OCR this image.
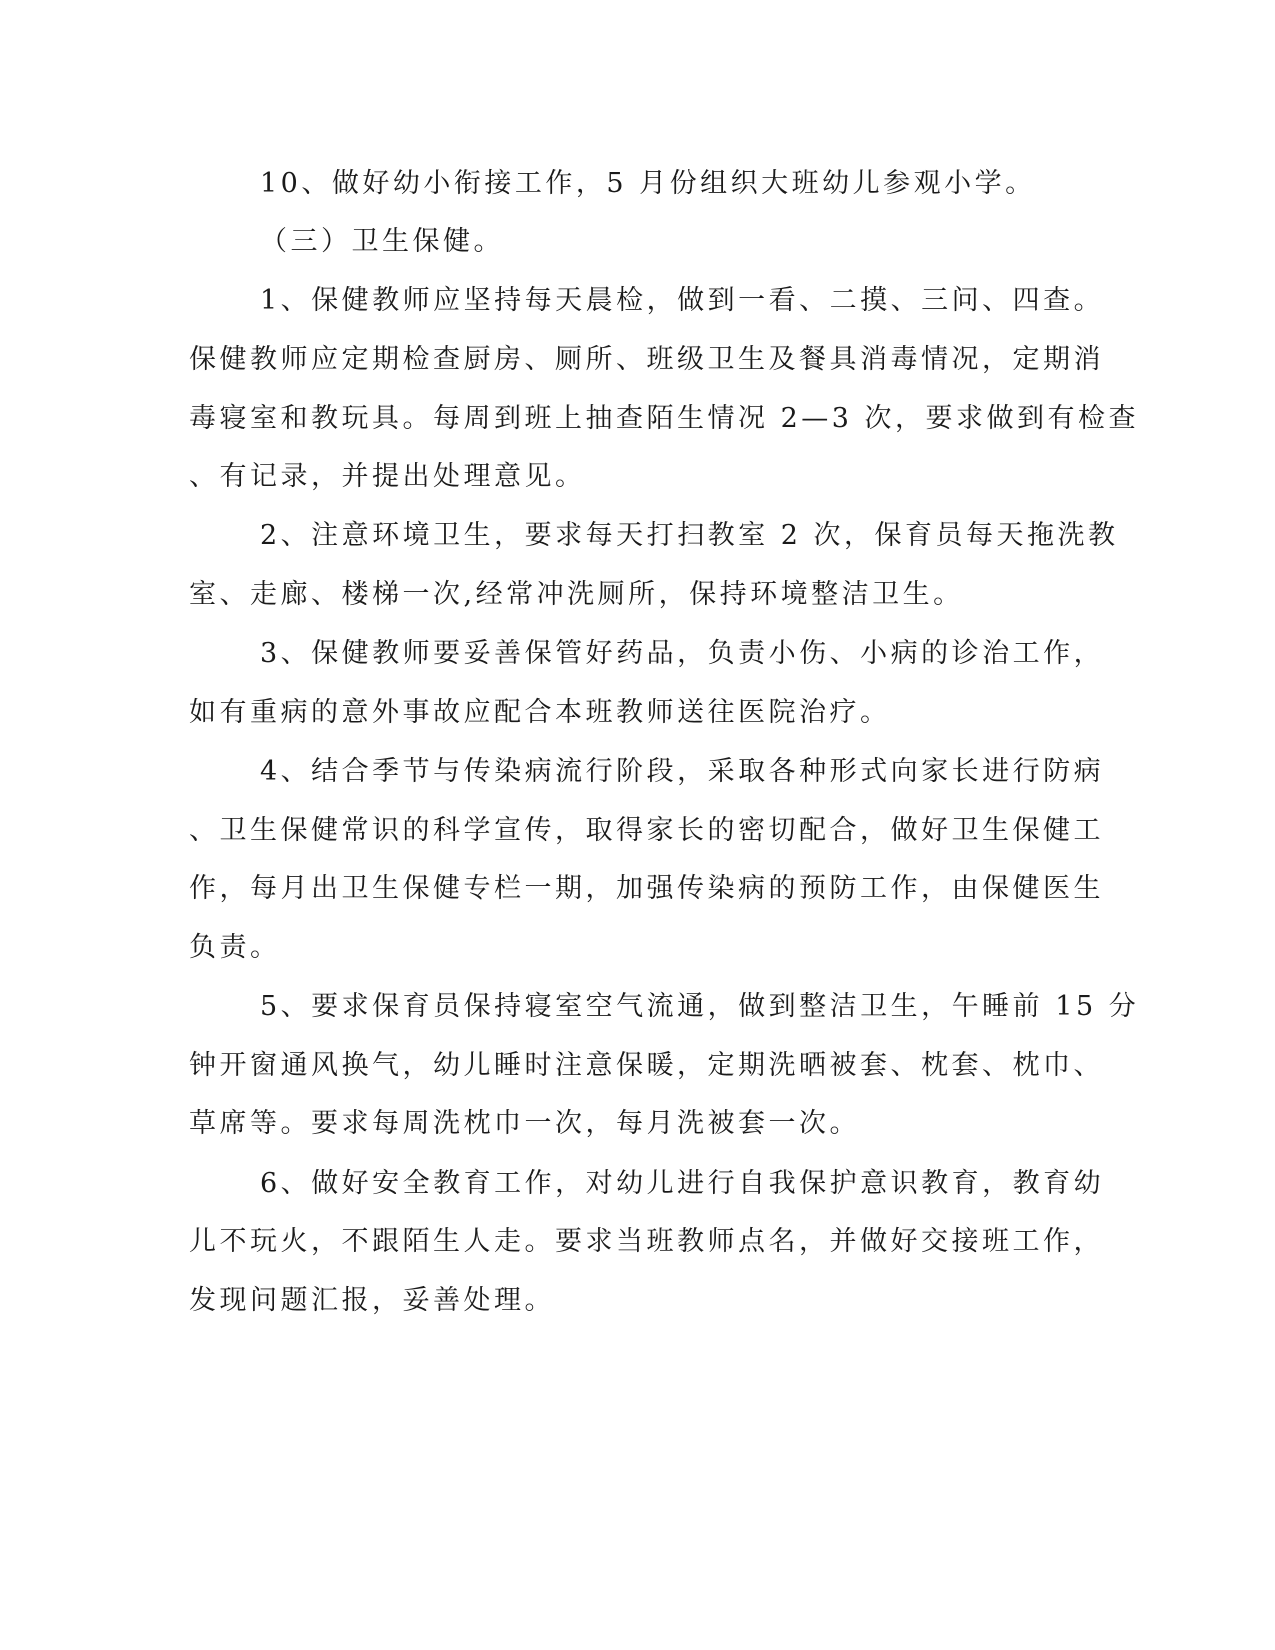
10、做好幼小衔接工作，5 月份组织大班幼儿参观小学。
（三）卫生保健。
1、保健教师应坚持每天晨检，做到一看、二摸、三问、四查。
保健教师应定期检查厨房、厕所、班级卫生及餐具消毒情况，定期消
毒寝室和教玩具。每周到班上抽查陌生情况 2—3 次，要求做到有检查
、有记录，并提出处理意见。
2、注意环境卫生，要求每天打扫教室 2 次，保育员每天拖洗教
室、走廊、楼梯一次,经常冲洗厕所，保持环境整洁卫生。
3、保健教师要妥善保管好药品，负责小伤、小病的诊治工作，
如有重病的意外事故应配合本班教师送往医院治疗。
4、结合季节与传染病流行阶段，采取各种形式向家长进行防病
、卫生保健常识的科学宣传，取得家长的密切配合，做好卫生保健工
作，每月出卫生保健专栏一期，加强传染病的预防工作，由保健医生
负责。
5、要求保育员保持寝室空气流通，做到整洁卫生，午睡前 15 分
钟开窗通风换气，幼儿睡时注意保暖，定期洗晒被套、枕套、枕巾、
草席等。要求每周洗枕巾一次，每月洗被套一次。
6、做好安全教育工作，对幼儿进行自我保护意识教育，教育幼
儿不玩火，不跟陌生人走。要求当班教师点名，并做好交接班工作，
发现问题汇报，妥善处理。
